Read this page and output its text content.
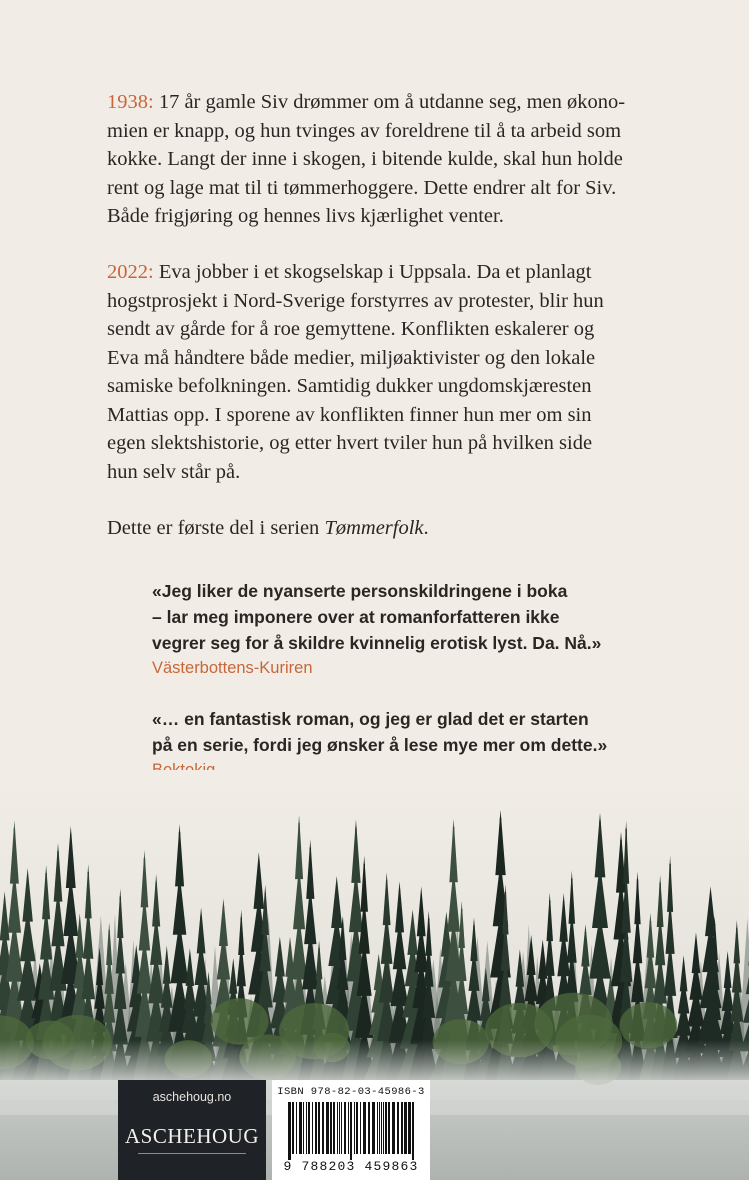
1938: 17 år gamle Siv drømmer om å utdanne seg, men økono-
mien er knapp, og hun tvinges av foreldrene til å ta arbeid som
kokke. Langt der inne i skogen, i bitende kulde, skal hun holde
rent og lage mat til ti tømmerhoggere. Dette endrer alt for Siv.
Både frigjøring og hennes livs kjærlighet venter.

2022: Eva jobber i et skogselskap i Uppsala. Da et planlagt
hogstprosjekt i Nord-Sverige forstyrres av protester, blir hun
sendt av gårde for å roe gemyttene. Konflikten eskalerer og
Eva må håndtere både medier, miljøaktivister og den lokale
samiske befolkningen. Samtidig dukker ungdomskjæresten
Mattias opp. I sporene av konflikten finner hun mer om sin
egen slektshistorie, og etter hvert tviler hun på hvilken side
hun selv står på.

Dette er første del i serien Tømmerfolk.

«Jeg liker de nyanserte personskildringene i boka
– lar meg imponere over at romanforfatteren ikke
vegrer seg for å skildre kvinnelig erotisk lyst. Da. Nå.»

Västerbottens-Kuriren

«… en fantastisk roman, og jeg er glad det er starten
på en serie, fordi jeg ønsker å lese mye mer om dette.»

aschehoug.no
ASCHEHOUG
ISBN 978-82-03-45986-3
9 788203 459863
